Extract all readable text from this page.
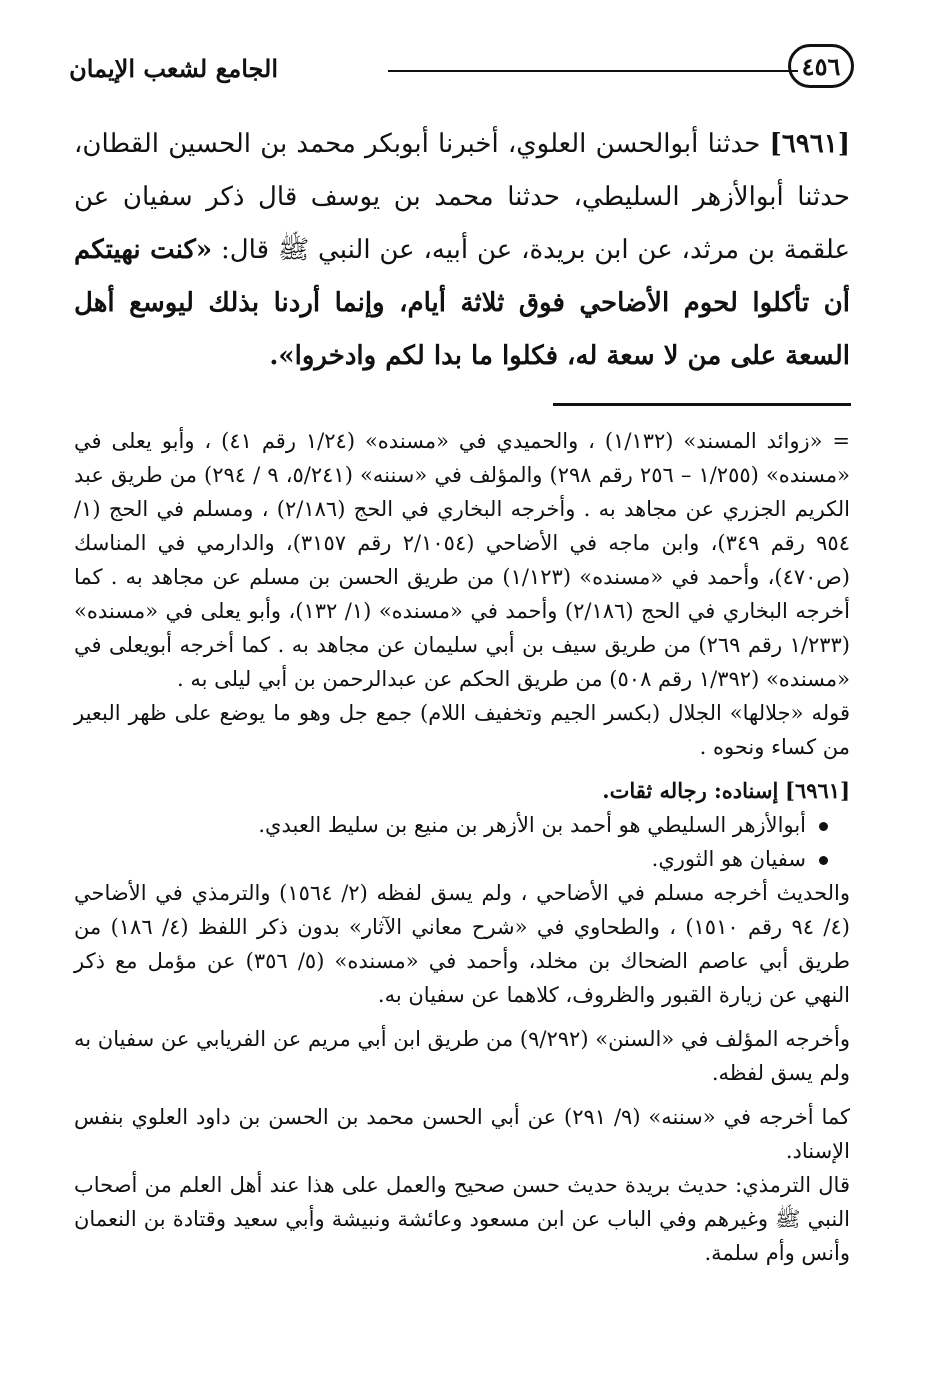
الجامع لشعب الإيمان	٤٥٦

[٦٩٦١] حدثنا أبوالحسن العلوي، أخبرنا أبوبكر محمد بن الحسين القطان، حدثنا أبوالأزهر السليطي، حدثنا محمد بن يوسف قال ذكر سفيان عن علقمة بن مرثد، عن ابن بريدة، عن أبيه، عن النبي ﷺ قال: «كنت نهيتكم أن تأكلوا لحوم الأضاحي فوق ثلاثة أيام، وإنما أردنا بذلك ليوسع أهل السعة على من لا سعة له، فكلوا ما بدا لكم وادخروا».

= «زوائد المسند» (١/١٣٢) ، والحميدي في «مسنده» (١/٢٤ رقم ٤١) ، وأبو يعلى في «مسنده» (١/٢٥٥ – ٢٥٦ رقم ٢٩٨) والمؤلف في «سننه» (٥/٢٤١، ٩ / ٢٩٤) من طريق عبد الكريم الجزري عن مجاهد به . وأخرجه البخاري في الحج (٢/١٨٦) ، ومسلم في الحج (١/ ٩٥٤ رقم ٣٤٩)، وابن ماجه في الأضاحي (٢/١٠٥٤ رقم ٣١٥٧)، والدارمي في المناسك (ص٤٧٠)، وأحمد في «مسنده» (١/١٢٣) من طريق الحسن بن مسلم عن مجاهد به . كما أخرجه البخاري في الحج (٢/١٨٦) وأحمد في «مسنده» (١/ ١٣٢)، وأبو يعلى في «مسنده» (١/٢٣٣ رقم ٢٦٩) من طريق سيف بن أبي سليمان عن مجاهد به . كما أخرجه أبويعلى في «مسنده» (١/٣٩٢ رقم ٥٠٨) من طريق الحكم عن عبدالرحمن بن أبي ليلى به .

قوله «جلالها» الجلال (بكسر الجيم وتخفيف اللام) جمع جل وهو ما يوضع على ظهر البعير من كساء ونحوه .

[٦٩٦١] إسناده: رجاله ثقات.

أبوالأزهر السليطي هو أحمد بن الأزهر بن منيع بن سليط العبدي.
سفيان هو الثوري.

والحديث أخرجه مسلم في الأضاحي ، ولم يسق لفظه (٢/ ١٥٦٤) والترمذي في الأضاحي (٤/ ٩٤ رقم ١٥١٠) ، والطحاوي في «شرح معاني الآثار» بدون ذكر اللفظ (٤/ ١٨٦) من طريق أبي عاصم الضحاك بن مخلد، وأحمد في «مسنده» (٥/ ٣٥٦) عن مؤمل مع ذكر النهي عن زيارة القبور والظروف، كلاهما عن سفيان به.

وأخرجه المؤلف في «السنن» (٩/٢٩٢) من طريق ابن أبي مريم عن الفريابي عن سفيان به ولم يسق لفظه.

كما أخرجه في «سننه» (٩/ ٢٩١) عن أبي الحسن محمد بن الحسن بن داود العلوي بنفس الإسناد.

قال الترمذي: حديث بريدة حديث حسن صحيح والعمل على هذا عند أهل العلم من أصحاب النبي ﷺ وغيرهم وفي الباب عن ابن مسعود وعائشة ونبيشة وأبي سعيد وقتادة بن النعمان وأنس وأم سلمة.
